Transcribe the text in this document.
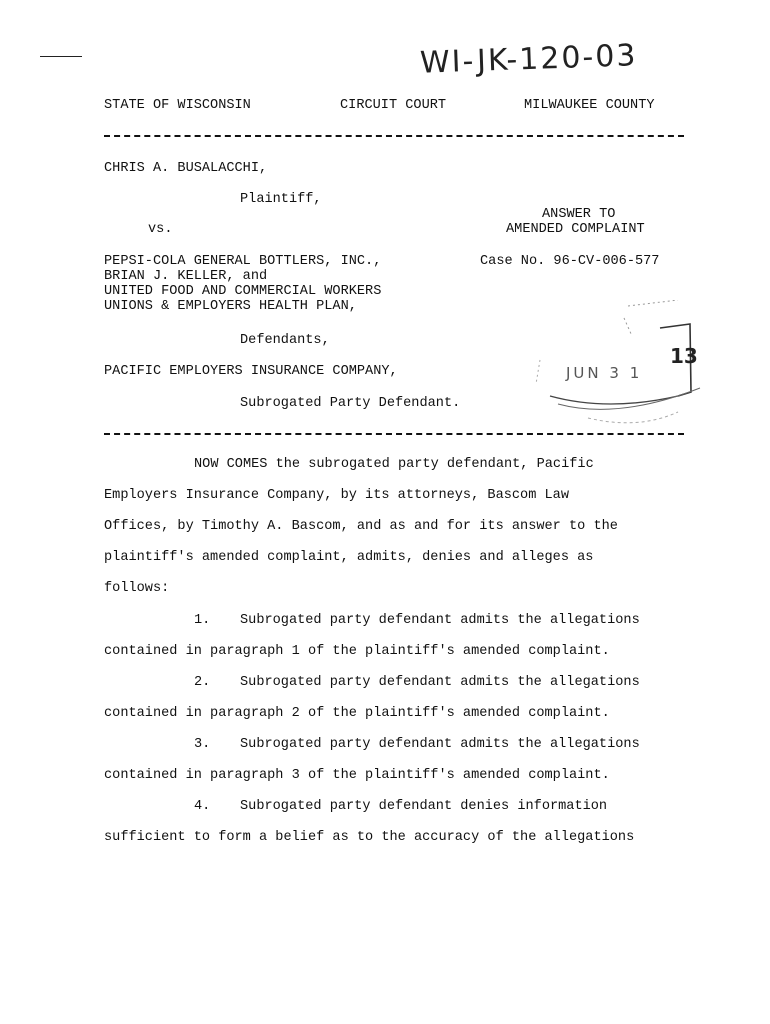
WI-JK-120-03
STATE OF WISCONSIN	CIRCUIT COURT	MILWAUKEE COUNTY
CHRIS A. BUSALACCHI,
Plaintiff,
vs.
PEPSI-COLA GENERAL BOTTLERS, INC.,
BRIAN J. KELLER, and
UNITED FOOD AND COMMERCIAL WORKERS
UNIONS & EMPLOYERS HEALTH PLAN,
Defendants,
PACIFIC EMPLOYERS INSURANCE COMPANY,
Subrogated Party Defendant.
ANSWER TO
AMENDED COMPLAINT
Case No. 96-CV-006-577
13
JUN 3 1
NOW COMES the subrogated party defendant, Pacific
Employers Insurance Company, by its attorneys, Bascom Law
Offices, by Timothy A. Bascom, and as and for its answer to the
plaintiff's amended complaint, admits, denies and alleges as
follows:
1. Subrogated party defendant admits the allegations
contained in paragraph 1 of the plaintiff's amended complaint.
2. Subrogated party defendant admits the allegations
contained in paragraph 2 of the plaintiff's amended complaint.
3. Subrogated party defendant admits the allegations
contained in paragraph 3 of the plaintiff's amended complaint.
4. Subrogated party defendant denies information
sufficient to form a belief as to the accuracy of the allegations
